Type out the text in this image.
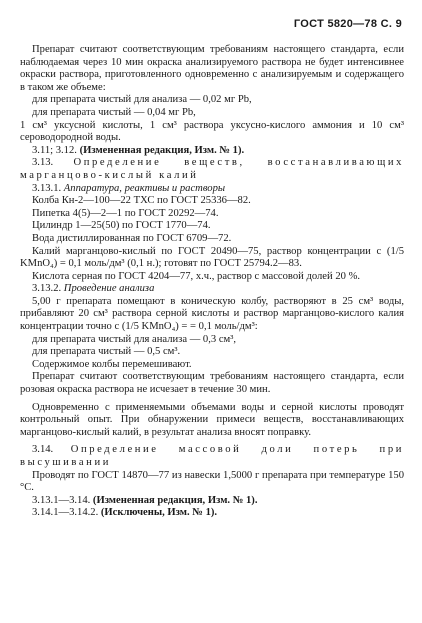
ГОСТ 5820—78 С. 9

Препарат считают соответствующим требованиям настоящего стандарта, если наблюдаемая через 10 мин окраска анализируемого раствора не будет интенсивнее окраски раствора, приготовленного одновременно с анализируемым и содержащего в таком же объеме:

для препарата чистый для анализа — 0,02 мг Pb,

для препарата чистый — 0,04 мг Pb,

1 см³ уксусной кислоты, 1 см³ раствора уксусно-кислого аммония и 10 см³ сероводородной воды.

3.11; 3.12. (Измененная редакция, Изм. № 1).

3.13. Определение веществ, восстанавливающих марганцово-кислый калий

3.13.1. Аппаратура, реактивы и растворы

Колба Кн-2—100—22 ТХС по ГОСТ 25336—82.

Пипетка 4(5)—2—1 по ГОСТ 20292—74.

Цилиндр 1—25(50) по ГОСТ 1770—74.

Вода дистиллированная по ГОСТ 6709—72.

Калий марганцово-кислый по ГОСТ 20490—75, раствор концентрации с (1/5 KMnO₄) = 0,1 моль/дм³ (0,1 н.); готовят по ГОСТ 25794.2—83.

Кислота серная по ГОСТ 4204—77, х.ч., раствор с массовой долей 20 %.

3.13.2. Проведение анализа

5,00 г препарата помещают в коническую колбу, растворяют в 25 см³ воды, прибавляют 20 см³ раствора серной кислоты и раствор марганцово-кислого калия концентрации точно с (1/5 KMnO₄) = = 0,1 моль/дм³:

для препарата чистый для анализа — 0,3 см³,

для препарата чистый — 0,5 см³.

Содержимое колбы перемешивают.

Препарат считают соответствующим требованиям настоящего стандарта, если розовая окраска раствора не исчезает в течение 30 мин.

Одновременно с применяемыми объемами воды и серной кислоты проводят контрольный опыт. При обнаружении примеси веществ, восстанавливающих марганцово-кислый калий, в результат анализа вносят поправку.

3.14. Определение массовой доли потерь при высушивании

Проводят по ГОСТ 14870—77 из навески 1,5000 г препарата при температуре 150 °С.

3.13.1—3.14. (Измененная редакция, Изм. № 1).

3.14.1—3.14.2. (Исключены, Изм. № 1).
